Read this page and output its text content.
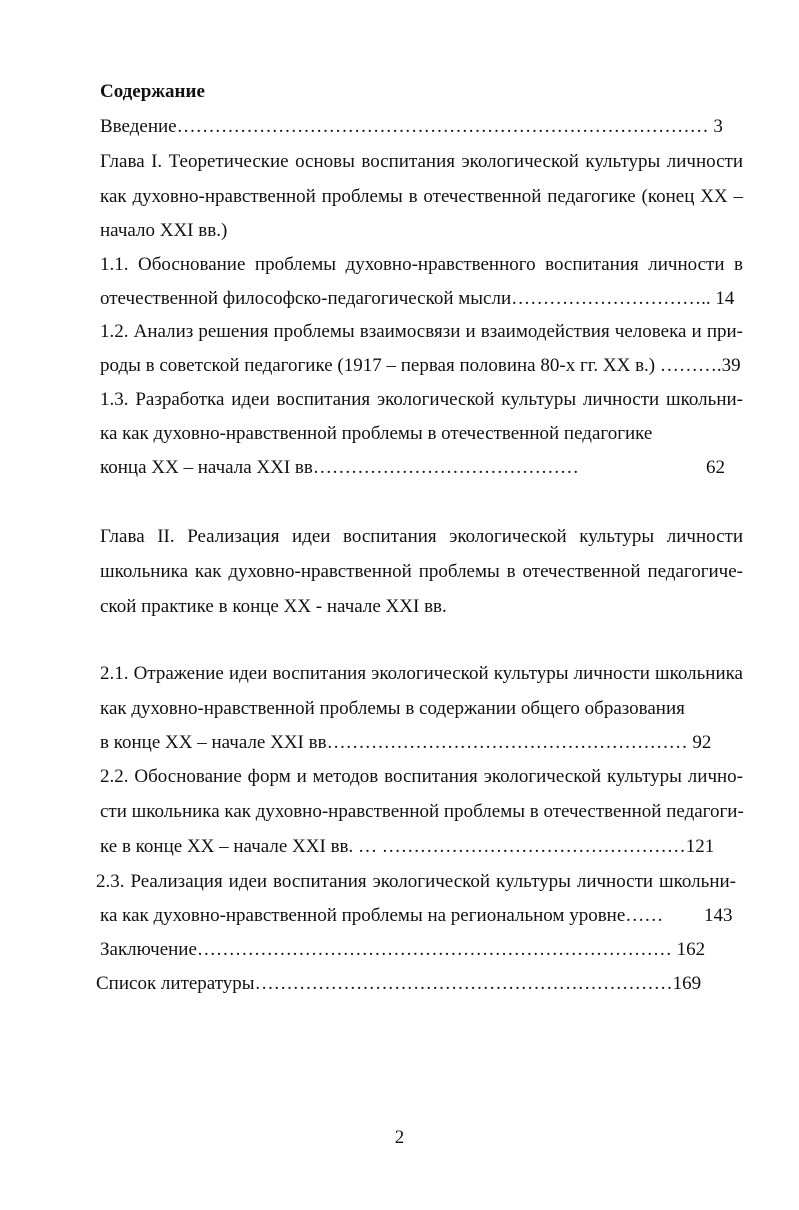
Содержание
Введение………………………………………………………………………… 3
Глава I. Теоретические основы воспитания экологической культуры личности
как духовно-нравственной проблемы в отечественной педагогике (конец XX –
начало XXI вв.)
1.1. Обоснование проблемы духовно-нравственного воспитания личности в
отечественной философско-педагогической мысли………………………….. 14
1.2. Анализ решения проблемы взаимосвязи и взаимодействия человека и при-
роды в советской педагогике (1917 – первая половина 80-х гг. XX в.) ……….39
1.3. Разработка идеи воспитания экологической культуры личности школьни-
ка как духовно-нравственной проблемы в отечественной педагогике
конца XX – начала XXI вв……………………………………	62
Глава II. Реализация идеи воспитания экологической культуры личности
школьника как духовно-нравственной проблемы в отечественной педагогиче-
ской практике в конце XX - начале XXI вв.
2.1. Отражение идеи воспитания экологической культуры личности школьника
как духовно-нравственной проблемы в содержании общего образования
в конце XX – начале XXI вв………………………………………………… 92
2.2. Обоснование форм и методов воспитания экологической культуры лично-
сти школьника как духовно-нравственной проблемы в отечественной педагоги-
ке в конце XX – начале XXI вв. … …………………………………………121
2.3. Реализация идеи воспитания экологической культуры личности школьни-
ка как духовно-нравственной проблемы на региональном уровне…… 143
Заключение………………………………………………………………… 162
Список литературы…………………………………………………………169
2
